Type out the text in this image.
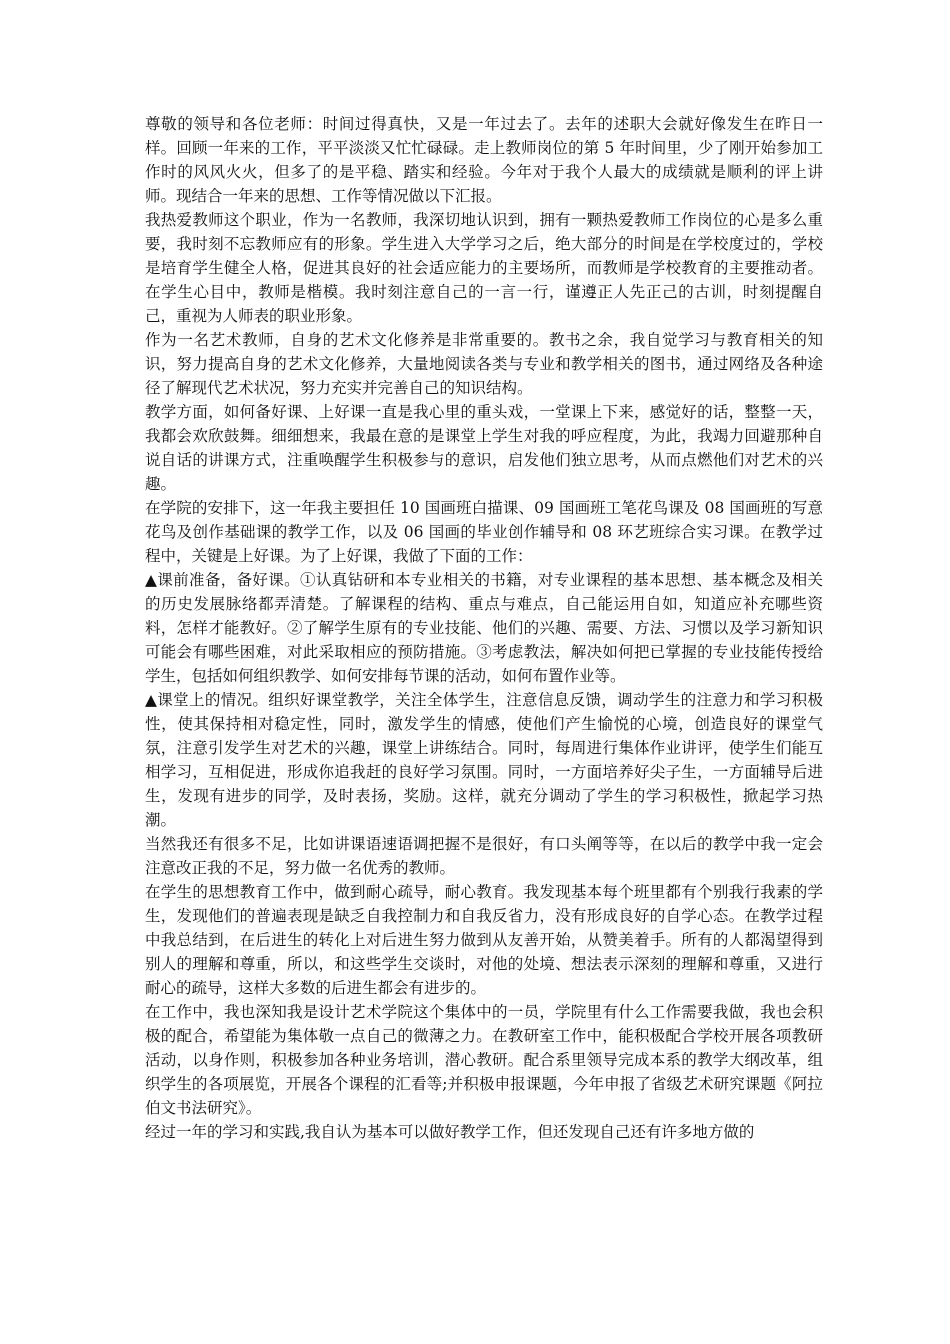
尊敬的领导和各位老师：时间过得真快，又是一年过去了。去年的述职大会就好像发生在昨日一样。回顾一年来的工作，平平淡淡又忙忙碌碌。走上教师岗位的第 5 年时间里，少了刚开始参加工作时的风风火火，但多了的是平稳、踏实和经验。今年对于我个人最大的成绩就是顺利的评上讲师。现结合一年来的思想、工作等情况做以下汇报。

我热爱教师这个职业，作为一名教师，我深切地认识到，拥有一颗热爱教师工作岗位的心是多么重要，我时刻不忘教师应有的形象。学生进入大学学习之后，绝大部分的时间是在学校度过的，学校是培育学生健全人格，促进其良好的社会适应能力的主要场所，而教师是学校教育的主要推动者。在学生心目中，教师是楷模。我时刻注意自己的一言一行，谨遵正人先正己的古训，时刻提醒自己，重视为人师表的职业形象。

作为一名艺术教师，自身的艺术文化修养是非常重要的。教书之余，我自觉学习与教育相关的知识，努力提高自身的艺术文化修养，大量地阅读各类与专业和教学相关的图书，通过网络及各种途径了解现代艺术状况，努力充实并完善自己的知识结构。

教学方面，如何备好课、上好课一直是我心里的重头戏，一堂课上下来，感觉好的话，整整一天，我都会欢欣鼓舞。细细想来，我最在意的是课堂上学生对我的呼应程度，为此，我竭力回避那种自说自话的讲课方式，注重唤醒学生积极参与的意识，启发他们独立思考，从而点燃他们对艺术的兴趣。

在学院的安排下，这一年我主要担任 10 国画班白描课、09 国画班工笔花鸟课及 08 国画班的写意花鸟及创作基础课的教学工作，以及 06 国画的毕业创作辅导和 08 环艺班综合实习课。在教学过程中，关键是上好课。为了上好课，我做了下面的工作：

▲课前准备，备好课。①认真钻研和本专业相关的书籍，对专业课程的基本思想、基本概念及相关的历史发展脉络都弄清楚。了解课程的结构、重点与难点，自己能运用自如，知道应补充哪些资料，怎样才能教好。②了解学生原有的专业技能、他们的兴趣、需要、方法、习惯以及学习新知识可能会有哪些困难，对此采取相应的预防措施。③考虑教法，解决如何把已掌握的专业技能传授给学生，包括如何组织教学、如何安排每节课的活动，如何布置作业等。

▲课堂上的情况。组织好课堂教学，关注全体学生，注意信息反馈，调动学生的注意力和学习积极性，使其保持相对稳定性，同时，激发学生的情感，使他们产生愉悦的心境，创造良好的课堂气氛，注意引发学生对艺术的兴趣，课堂上讲练结合。同时，每周进行集体作业讲评，使学生们能互相学习，互相促进，形成你追我赶的良好学习氛围。同时，一方面培养好尖子生，一方面辅导后进生，发现有进步的同学，及时表扬，奖励。这样，就充分调动了学生的学习积极性，掀起学习热潮。

当然我还有很多不足，比如讲课语速语调把握不是很好，有口头阐等等，在以后的教学中我一定会注意改正我的不足，努力做一名优秀的教师。

在学生的思想教育工作中，做到耐心疏导，耐心教育。我发现基本每个班里都有个别我行我素的学生，发现他们的普遍表现是缺乏自我控制力和自我反省力，没有形成良好的自学心态。在教学过程中我总结到，在后进生的转化上对后进生努力做到从友善开始，从赞美着手。所有的人都渴望得到别人的理解和尊重，所以，和这些学生交谈时，对他的处境、想法表示深刻的理解和尊重，又进行耐心的疏导，这样大多数的后进生都会有进步的。

在工作中，我也深知我是设计艺术学院这个集体中的一员，学院里有什么工作需要我做，我也会积极的配合，希望能为集体敬一点自己的微薄之力。在教研室工作中，能积极配合学校开展各项教研活动，以身作则，积极参加各种业务培训，潜心教研。配合系里领导完成本系的教学大纲改革，组织学生的各项展览，开展各个课程的汇看等;并积极申报课题，今年申报了省级艺术研究课题《阿拉伯文书法研究》。

经过一年的学习和实践,我自认为基本可以做好教学工作，但还发现自己还有许多地方做的
